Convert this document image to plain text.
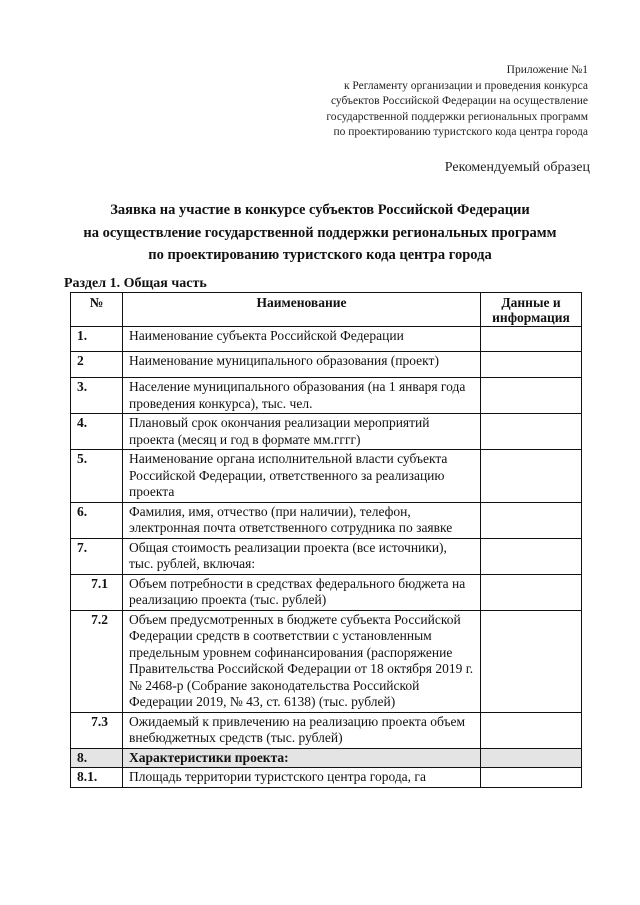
Приложение №1
к Регламенту организации и проведения конкурса
субъектов Российской Федерации на осуществление
государственной поддержки региональных программ
по проектированию туристского кода центра города
Рекомендуемый образец
Заявка на участие в конкурсе субъектов Российской Федерации
на осуществление государственной поддержки региональных программ
по проектированию туристского кода центра города
Раздел 1. Общая часть
№	Наименование	Данные и информация
1.	Наименование субъекта Российской Федерации	
2	Наименование муниципального образования (проект)	
3.	Население муниципального образования (на 1 января года проведения конкурса), тыс. чел.	
4.	Плановый срок окончания реализации мероприятий проекта (месяц и год в формате мм.гггг)	
5.	Наименование органа исполнительной власти субъекта Российской Федерации, ответственного за реализацию проекта	
6.	Фамилия, имя, отчество (при наличии), телефон, электронная почта ответственного сотрудника по заявке	
7.	Общая стоимость реализации проекта (все источники), тыс. рублей, включая:	
7.1	Объем потребности в средствах федерального бюджета на реализацию проекта (тыс. рублей)	
7.2	Объем предусмотренных в бюджете субъекта Российской Федерации средств в соответствии с установленным предельным уровнем софинансирования (распоряжение Правительства Российской Федерации от 18 октября 2019 г. № 2468-р (Собрание законодательства Российской Федерации 2019, № 43, ст. 6138) (тыс. рублей)	
7.3	Ожидаемый к привлечению на реализацию проекта объем внебюджетных средств (тыс. рублей)	
8.	Характеристики проекта:	
8.1.	Площадь территории туристского центра города, га	
